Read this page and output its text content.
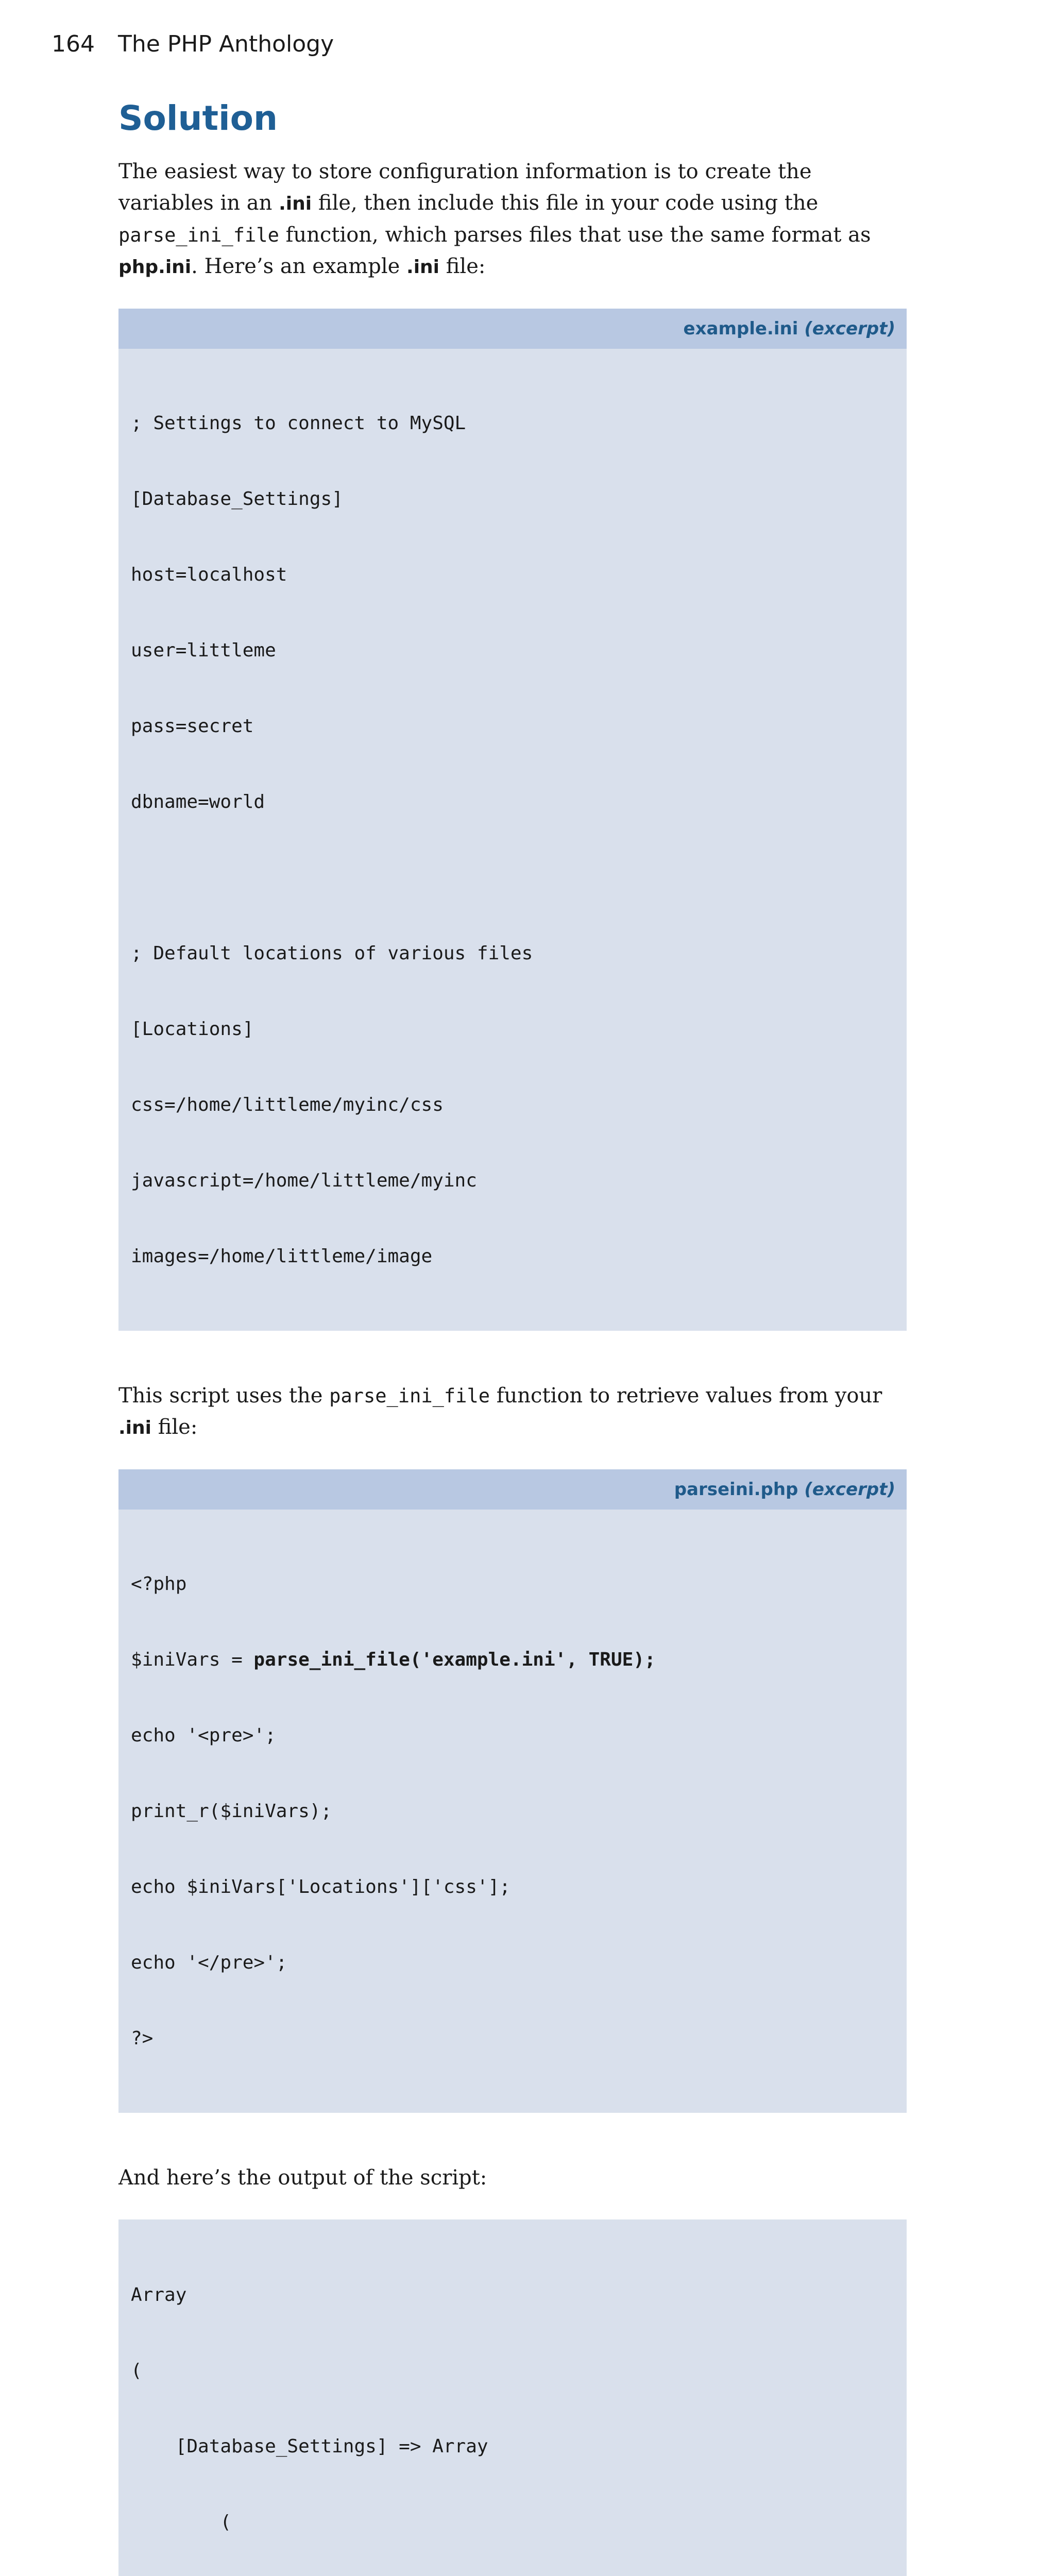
164 The PHP Anthology
Solution

The easiest way to store configuration information is to create the variables in an .ini file, then include this file in your code using the parse_ini_file function, which parses files that use the same format as php.ini. Here’s an example .ini file:

example.ini (excerpt)

; Settings to connect to MySQL

[Database_Settings]

host=localhost

user=littleme

pass=secret

dbname=world

; Default locations of various files

[Locations]

css=/home/littleme/myinc/css

javascript=/home/littleme/myinc

images=/home/littleme/image

This script uses the parse_ini_file function to retrieve values from your .ini file:

parseini.php (excerpt)

<?php

$iniVars = parse_ini_file('example.ini', TRUE);

echo '<pre>';

print_r($iniVars);

echo $iniVars['Locations']['css'];

echo '</pre>';

?>

And here’s the output of the script:

Array

(

[Database_Settings] => Array

(
